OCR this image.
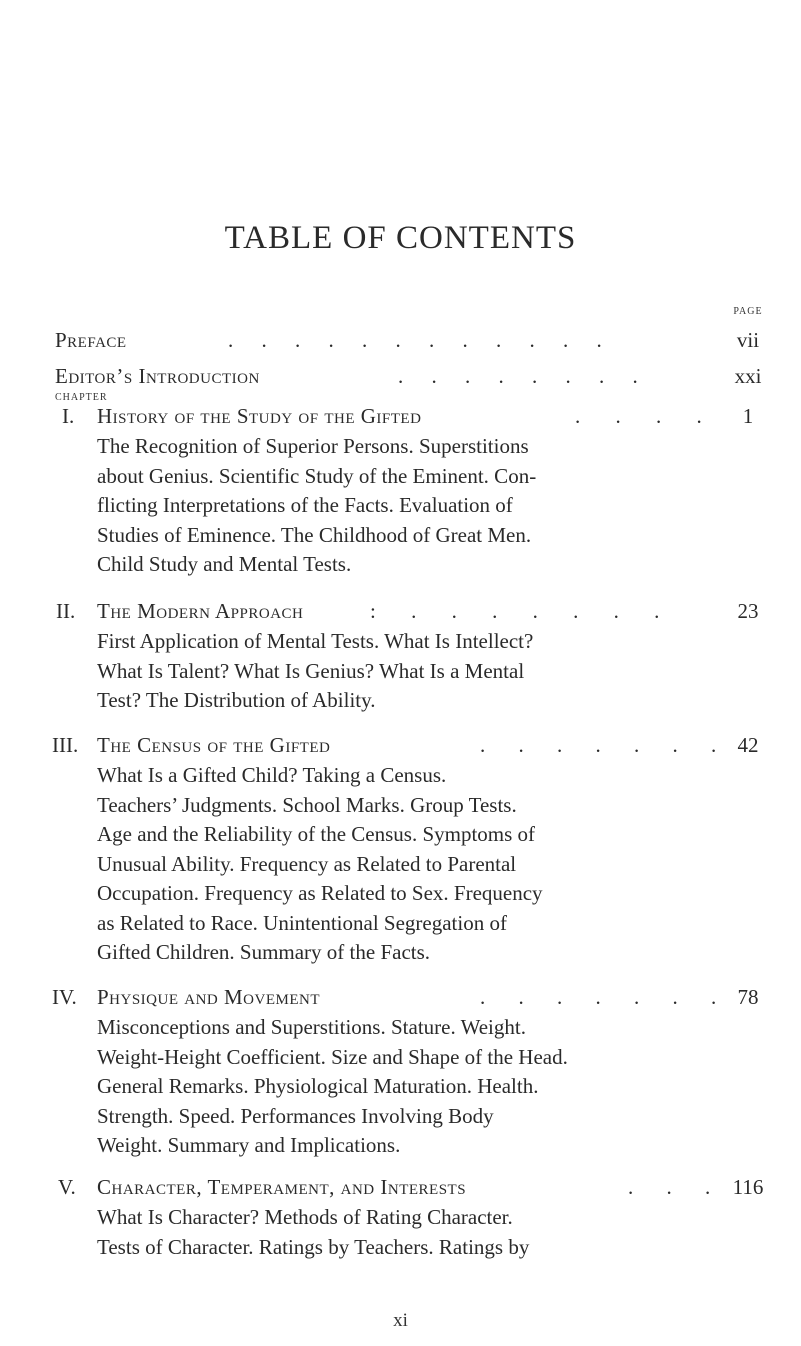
TABLE OF CONTENTS
PAGE
Preface	. . . . . . . . . . . .	vii
Editor’s Introduction	. . . . . . . .	xxi
CHAPTER
I.	History of the Study of the Gifted	. . . .	1
The Recognition of Superior Persons. Superstitions
about Genius. Scientific Study of the Eminent. Con-
flicting Interpretations of the Facts. Evaluation of
Studies of Eminence. The Childhood of Great Men.
Child Study and Mental Tests.
II.	The Modern Approach	: . . . . . . .	23
First Application of Mental Tests. What Is Intellect?
What Is Talent? What Is Genius? What Is a Mental
Test? The Distribution of Ability.
III. The Census of the Gifted	. . . . . . . 42
What Is a Gifted Child? Taking a Census.
Teachers’ Judgments. School Marks. Group Tests.
Age and the Reliability of the Census. Symptoms of
Unusual Ability. Frequency as Related to Parental
Occupation. Frequency as Related to Sex. Frequency
as Related to Race. Unintentional Segregation of
Gifted Children. Summary of the Facts.
IV. Physique and Movement	. . . . . . . 78
Misconceptions and Superstitions. Stature. Weight.
Weight-Height Coefficient. Size and Shape of the Head.
General Remarks. Physiological Maturation. Health.
Strength. Speed. Performances Involving Body
Weight. Summary and Implications.
V.	Character, Temperament, and Interests	. . . 116
What Is Character? Methods of Rating Character.
Tests of Character. Ratings by Teachers. Ratings by
xi
